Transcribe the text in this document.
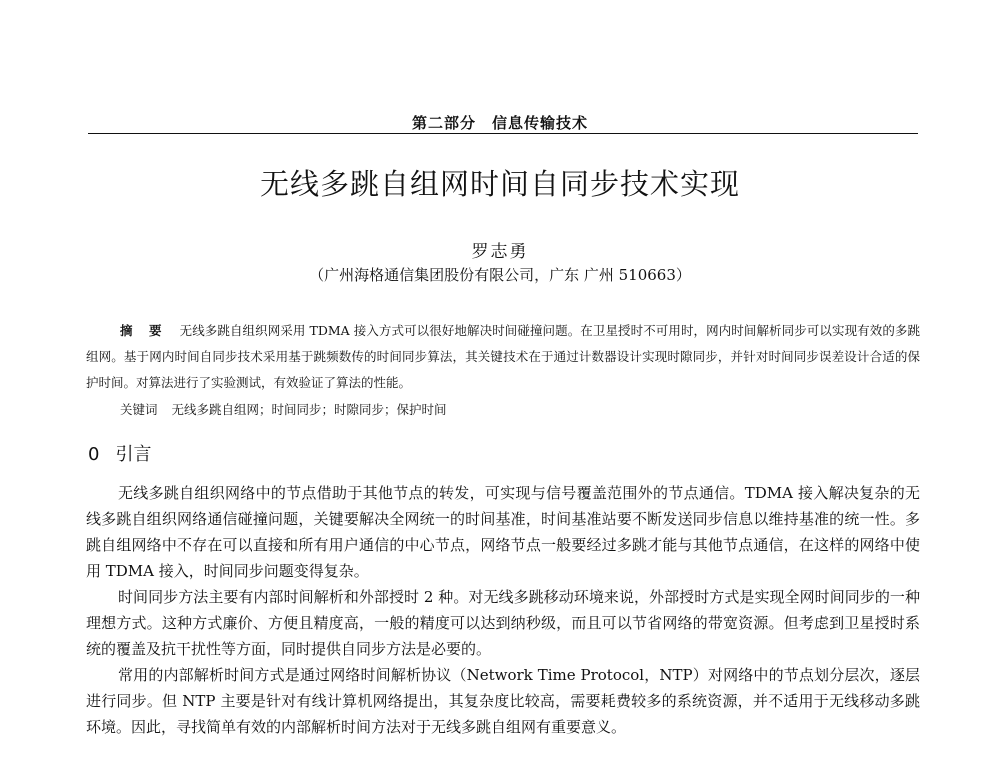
第二部分　信息传输技术
无线多跳自组网时间自同步技术实现
罗志勇
（广州海格通信集团股份有限公司，广东 广州 510663）

摘 要 无线多跳自组织网采用 TDMA 接入方式可以很好地解决时间碰撞问题。在卫星授时不可用时，网内时间解析同步可以实现有效的多跳组网。基于网内时间自同步技术采用基于跳频数传的时间同步算法，其关键技术在于通过计数器设计实现时隙同步，并针对时间同步误差设计合适的保护时间。对算法进行了实验测试，有效验证了算法的性能。

关键词 无线多跳自组网；时间同步；时隙同步；保护时间
0 引言

无线多跳自组织网络中的节点借助于其他节点的转发，可实现与信号覆盖范围外的节点通信。TDMA 接入解决复杂的无线多跳自组织网络通信碰撞问题，关键要解决全网统一的时间基准，时间基准站要不断发送同步信息以维持基准的统一性。多跳自组网络中不存在可以直接和所有用户通信的中心节点，网络节点一般要经过多跳才能与其他节点通信，在这样的网络中使用 TDMA 接入，时间同步问题变得复杂。

时间同步方法主要有内部时间解析和外部授时 2 种。对无线多跳移动环境来说，外部授时方式是实现全网时间同步的一种理想方式。这种方式廉价、方便且精度高，一般的精度可以达到纳秒级，而且可以节省网络的带宽资源。但考虑到卫星授时系统的覆盖及抗干扰性等方面，同时提供自同步方法是必要的。

常用的内部解析时间方式是通过网络时间解析协议（Network Time Protocol，NTP）对网络中的节点划分层次，逐层进行同步。但 NTP 主要是针对有线计算机网络提出，其复杂度比较高，需要耗费较多的系统资源，并不适用于无线移动多跳环境。因此，寻找简单有效的内部解析时间方法对于无线多跳自组网有重要意义。
